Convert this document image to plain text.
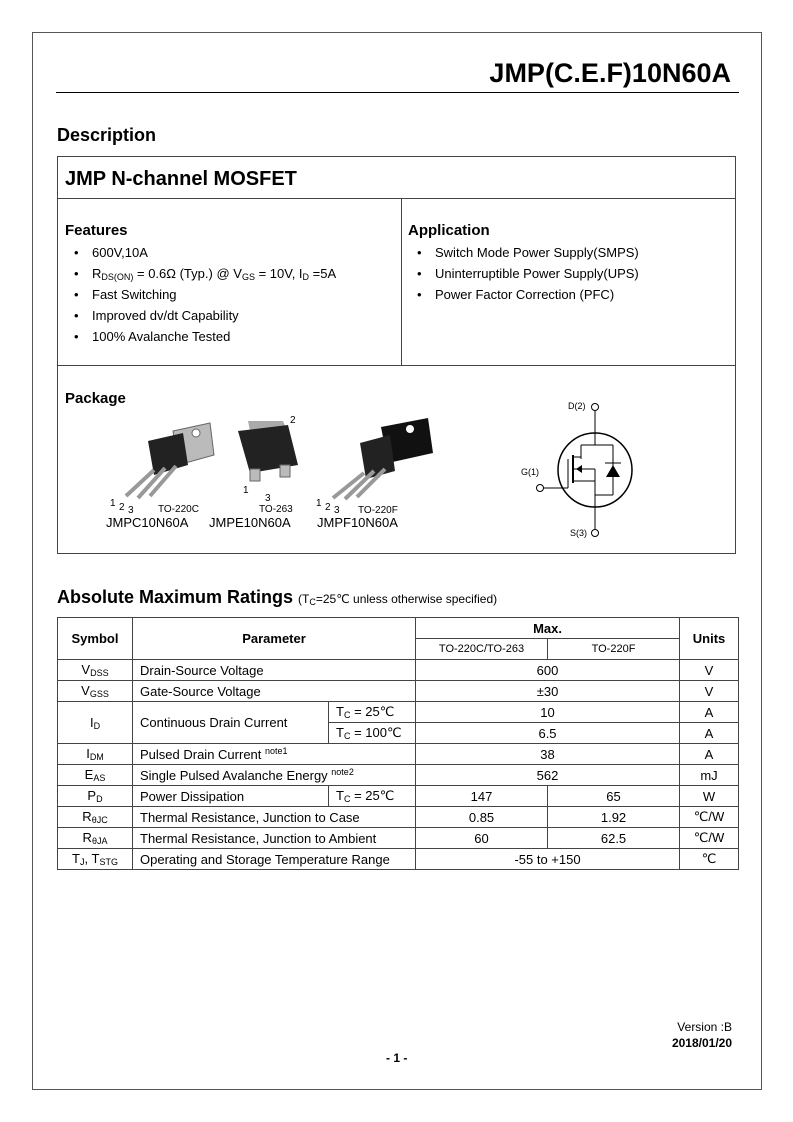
JMP(C.E.F)10N60A
Description
JMP N-channel MOSFET
Features
• 600V,10A
• $R_{DS(ON)} = 0.6\Omega$ (Typ.) @ $V_{GS} = 10V$, $I_D =5A$
• Fast Switching
• Improved dv/dt Capability
• 100% Avalanche Tested
Application
• Switch Mode Power Supply(SMPS)
• Uninterruptible Power Supply(UPS)
• Power Factor Correction (PFC)
Package
1 2 3 TO-220C
2
1
3
TO-263
1 2 3 TO-220F
JMPC10N60A JMPE10N60A JMPF10N60A
D(2)
G(1)
S(3)
Absolute Maximum Ratings ($T_C=25℃$ unless otherwise specified)
Symbol	Parameter		Max.		Units
			TO-220C/TO-263	TO-220F	
$V_{DSS}$	Drain-Source Voltage		600		V
$V_{GSS}$	Gate-Source Voltage		±30		V
$I_D$	Continuous Drain Current	$T_C$ = 25℃	10		A
		$T_C$ = 100℃	6.5		A
$I_{DM}$	Pulsed Drain Current $^{note1}$		38		A
$E_{AS}$	Single Pulsed Avalanche Energy $^{note2}$		562		mJ
$P_D$	Power Dissipation	$T_C$ = 25℃	147	65	W
$R_{\theta JC}$	Thermal Resistance, Junction to Case		0.85	1.92	℃/W
$R_{\theta JA}$	Thermal Resistance, Junction to Ambient		60	62.5	℃/W
$T_J$, $T_{STG}$	Operating and Storage Temperature Range		-55 to +150		℃
Version :B
2018/01/20
- 1 -
